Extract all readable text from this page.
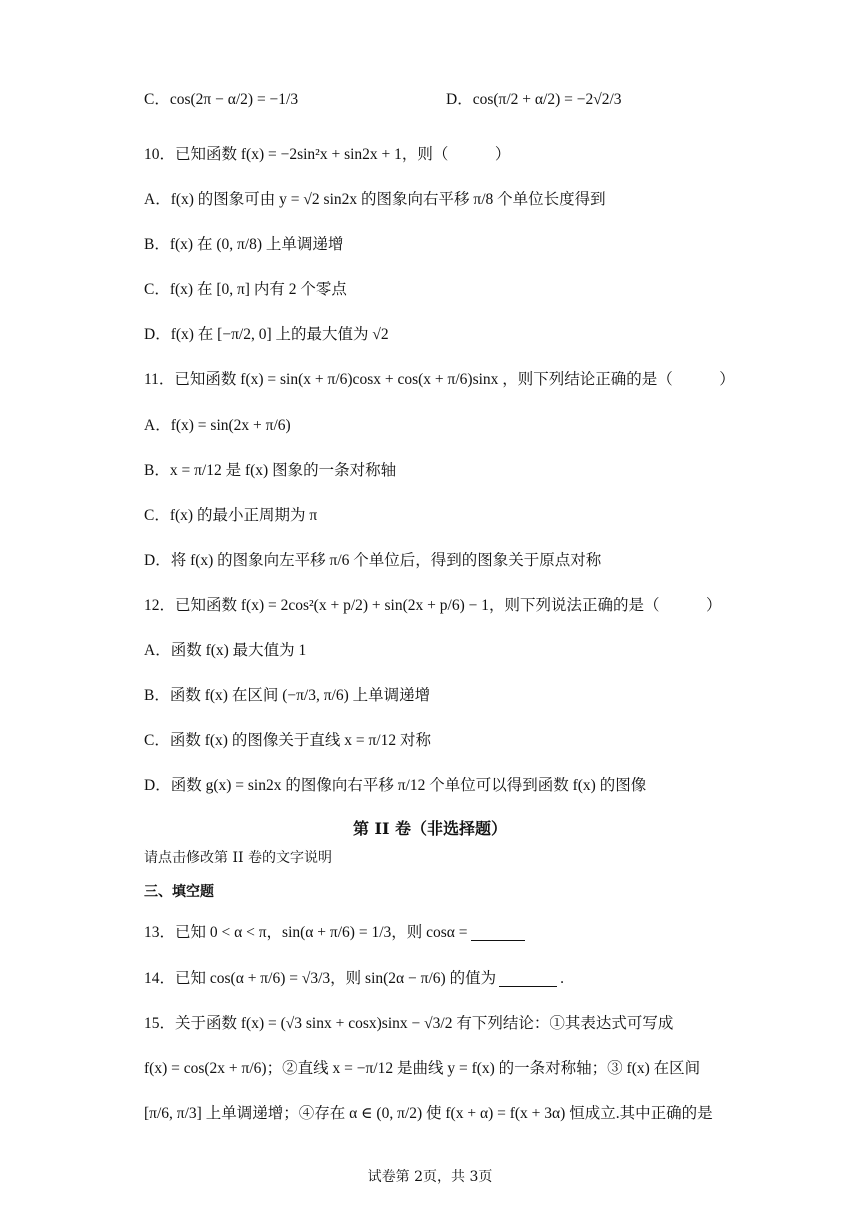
C．cos(2π − α/2) = −1/3	D．cos(π/2 + α/2) = −2√2/3
10．已知函数 f(x) = −2sin²x + sin2x + 1，则（　　　）
A．f(x) 的图象可由 y = √2 sin2x 的图象向右平移 π/8 个单位长度得到
B．f(x) 在 (0, π/8) 上单调递增
C．f(x) 在 [0, π] 内有 2 个零点
D．f(x) 在 [−π/2, 0] 上的最大值为 √2
11．已知函数 f(x) = sin(x + π/6)cosx + cos(x + π/6)sinx ，则下列结论正确的是（　　　）
A．f(x) = sin(2x + π/6)
B．x = π/12 是 f(x) 图象的一条对称轴
C．f(x) 的最小正周期为 π
D．将 f(x) 的图象向左平移 π/6 个单位后，得到的图象关于原点对称
12．已知函数 f(x) = 2cos²(x + p/2) + sin(2x + p/6) − 1，则下列说法正确的是（　　　）
A．函数 f(x) 最大值为 1
B．函数 f(x) 在区间 (−π/3, π/6) 上单调递增
C．函数 f(x) 的图像关于直线 x = π/12 对称
D．函数 g(x) = sin2x 的图像向右平移 π/12 个单位可以得到函数 f(x) 的图像
第 II 卷（非选择题）
请点击修改第 II 卷的文字说明
三、填空题
13．已知 0 < α < π，sin(α + π/6) = 1/3，则 cosα =
14．已知 cos(α + π/6) = √3/3，则 sin(2α − π/6) 的值为	.
15．关于函数 f(x) = (√3 sinx + cosx)sinx − √3/2 有下列结论：①其表达式可写成
f(x) = cos(2x + π/6)；②直线 x = −π/12 是曲线 y = f(x) 的一条对称轴；③ f(x) 在区间
[π/6, π/3] 上单调递增；④存在 α ∈ (0, π/2) 使 f(x + α) = f(x + 3α) 恒成立.其中正确的是
试卷第 2页，共 3页
